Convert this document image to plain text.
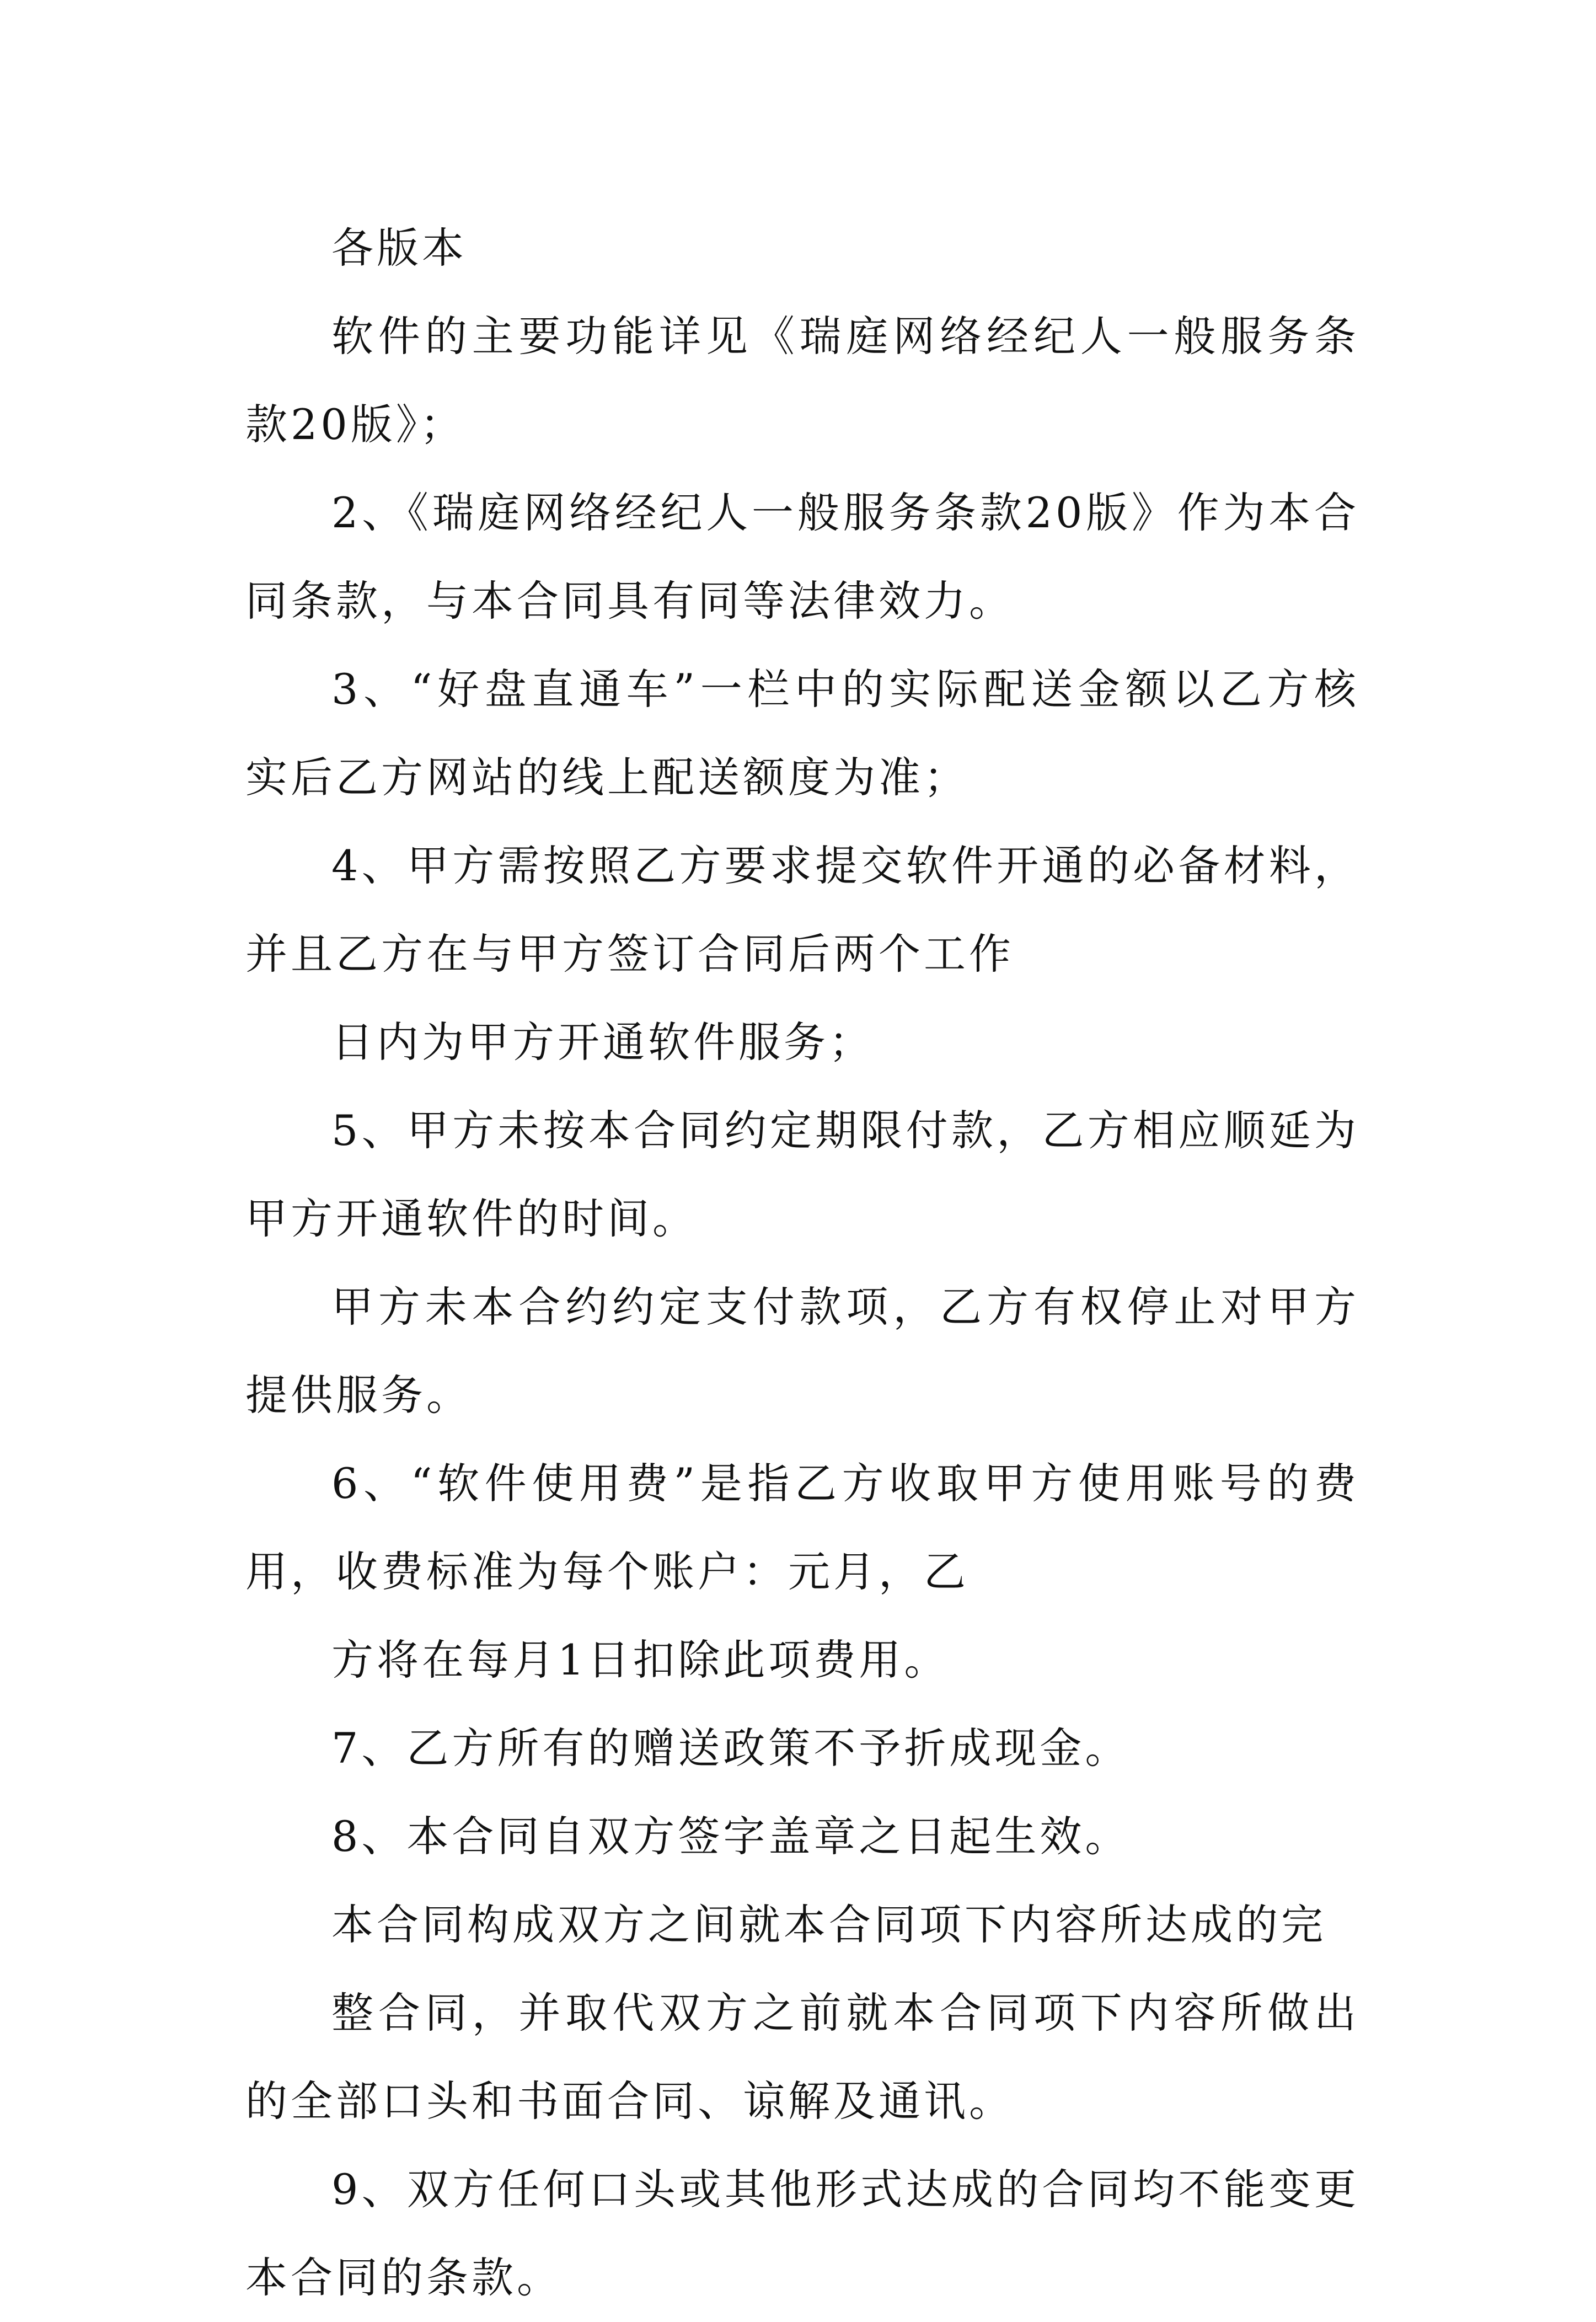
各版本

软件的主要功能详见《瑞庭网络经纪人一般服务条款20版》；

2、《瑞庭网络经纪人一般服务条款20版》作为本合同条款，与本合同具有同等法律效力。

3、“好盘直通车”一栏中的实际配送金额以乙方核实后乙方网站的线上配送额度为准；

4、甲方需按照乙方要求提交软件开通的必备材料，并且乙方在与甲方签订合同后两个工作

日内为甲方开通软件服务；

5、甲方未按本合同约定期限付款，乙方相应顺延为甲方开通软件的时间。

甲方未本合约约定支付款项，乙方有权停止对甲方提供服务。

6、“软件使用费”是指乙方收取甲方使用账号的费用，收费标准为每个账户：元月，乙

方将在每月1日扣除此项费用。

7、乙方所有的赠送政策不予折成现金。

8、本合同自双方签字盖章之日起生效。

本合同构成双方之间就本合同项下内容所达成的完

整合同，并取代双方之前就本合同项下内容所做出的全部口头和书面合同、谅解及通讯。

9、双方任何口头或其他形式达成的合同均不能变更本合同的条款。
